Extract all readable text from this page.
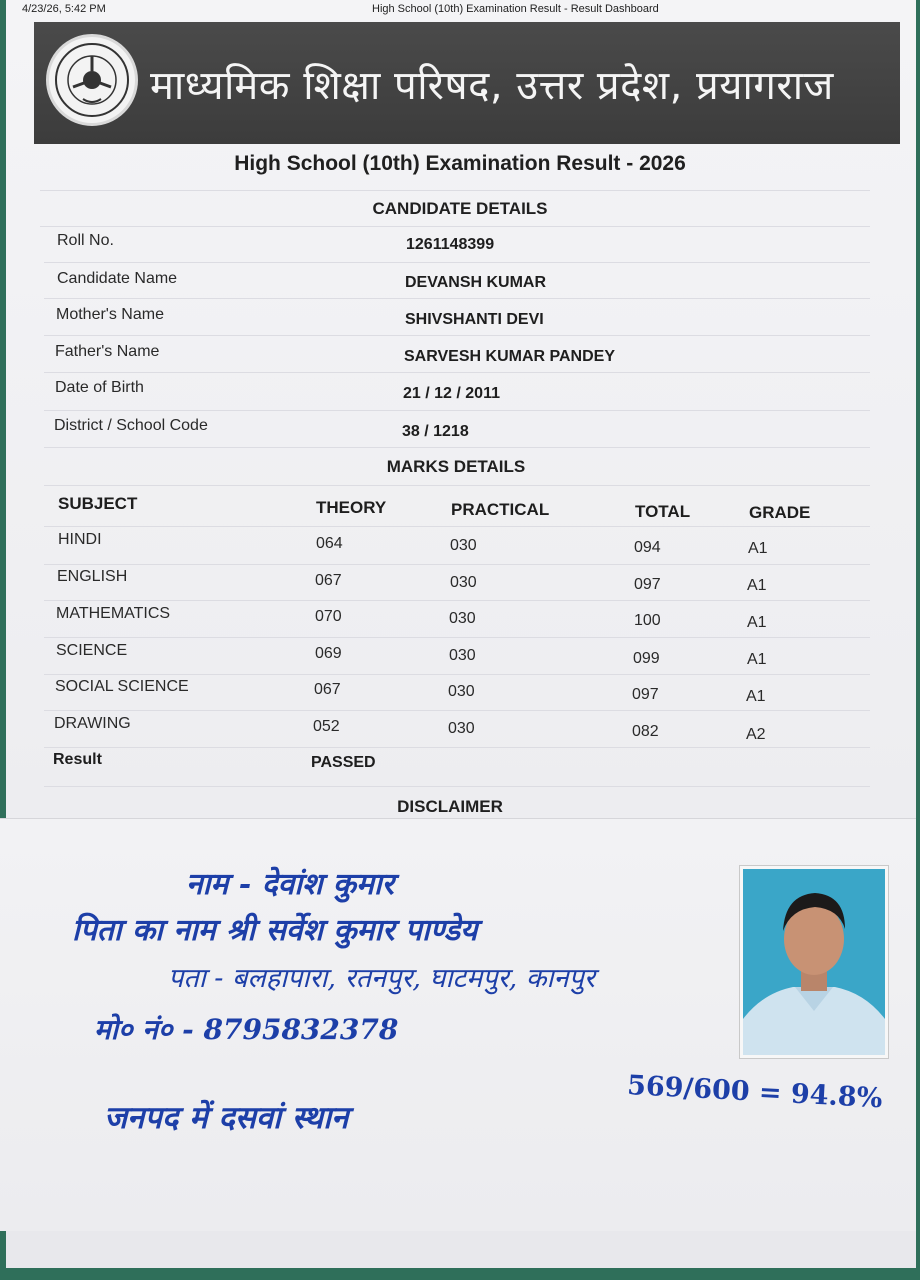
4/23/26, 5:42 PM	High School (10th) Examination Result - Result Dashboard
माध्यमिक शिक्षा परिषद, उत्तर प्रदेश, प्रयागराज
High School (10th) Examination Result - 2026
CANDIDATE DETAILS
Roll No.	1261148399
Candidate Name	DEVANSH KUMAR
Mother's Name	SHIVSHANTI DEVI
Father's Name	SARVESH KUMAR PANDEY
Date of Birth	21 / 12 / 2011
District / School Code	38 / 1218
MARKS DETAILS
SUBJECT	THEORY	PRACTICAL	TOTAL	GRADE
HINDI	064	030	094	A1
ENGLISH	067	030	097	A1
MATHEMATICS	070	030	100	A1
SCIENCE	069	030	099	A1
SOCIAL SCIENCE	067	030	097	A1
DRAWING	052	030	082	A2
Result	PASSED
DISCLAIMER
नाम - देवांश कुमार
पिता का नाम श्री सर्वेश कुमार पाण्डेय
पता - बलहापारा, रतनपुर, घाटमपुर, कानपुर
मो० नं० - 8795832378
569/600 = 94.8%
जनपद में दसवां स्थान
